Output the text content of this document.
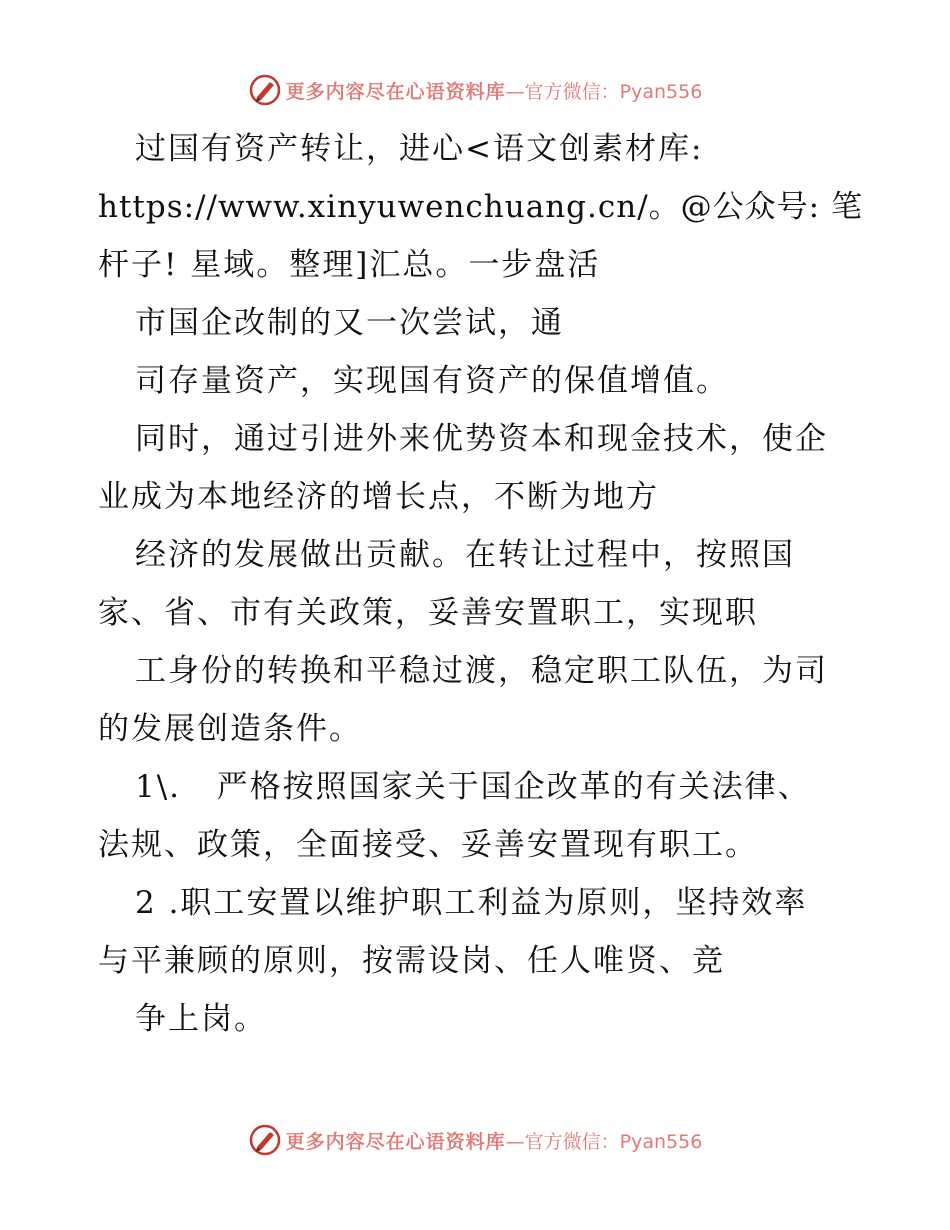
更多内容尽在心语资料库 —官方微信：Pyan556
过国有资产转让，进心<语文创素材库:
https://www.xinyuwenchuang.cn/。@公众号: 笔
杆子! 星域。整理]汇总。一步盘活
市国企改制的又一次尝试，通
司存量资产，实现国有资产的保值增值。
同时，通过引进外来优势资本和现金技术，使企
业成为本地经济的增长点，不断为地方
经济的发展做出贡献。在转让过程中，按照国
家、省、市有关政策，妥善安置职工，实现职
工身份的转换和平稳过渡，稳定职工队伍，为司
的发展创造条件。
1\.   严格按照国家关于国企改革的有关法律、
法规、政策，全面接受、妥善安置现有职工。
2 .职工安置以维护职工利益为原则，坚持效率
与平兼顾的原则，按需设岗、任人唯贤、竞
争上岗。
更多内容尽在心语资料库 —官方微信：Pyan556
